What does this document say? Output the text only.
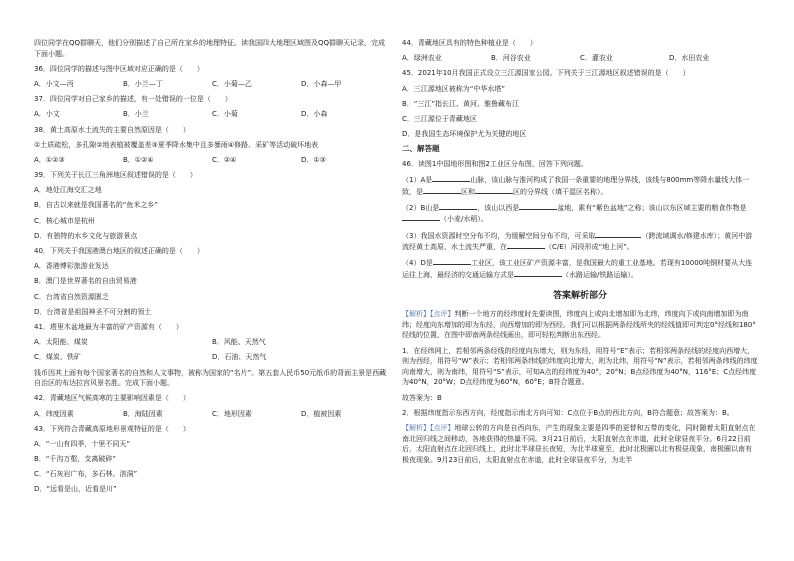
四位同学在QQ群聊天，他们分别描述了自己所在家乡的地理特征。读我国四大地理区域图及QQ群聊天记录，完成下面小题。

36．四位同学的描述与图中区域对应正确的是（　　）

A．小文—丙	B．小兰—丁	C．小菊—乙	D．小森—甲

37．四位同学对自己家乡的描述，有一处错误的一位是（　　）

A．小文	B．小兰	C．小菊	D．小森

38．黄土高原水土流失的主要自然原因是（　　）

①土质疏松，多孔隙②地表植被覆盖差③夏季降水集中且多暴雨④修路、采矿等活动破坏地表

A．①②③	B．①②④	C．②④	D．①③

39．下列关于长江三角洲地区叙述错误的是（　　）

A．地处江海交汇之地

B．自古以来就是我国著名的“鱼米之乡”

C．核心城市是杭州

D．有独特的水乡文化与旅游景点

40．下列关于我国港澳台地区的叙述正确的是（　　）

A．香港博彩旅游业发达

B．澳门是世界著名的自由贸易港

C．台湾省自然资源匮乏

D．台湾省是祖国神圣不可分割的领土

41．塔里木盆地最为丰富的矿产资源有（　　）

A．太阳能、煤炭	B．风能、天然气
C．煤炭、铁矿	D．石油、天然气

钱币因其上面有每个国家著名的自然和人文事物，被称为国家的“名片”。第五套人民币50元纸币的背面主景是西藏自治区的布达拉宫风景名胜。完成下面小题。

42．青藏地区气候高寒的主要影响因素是（　　）

A．纬度因素	B．海陆因素	C．地形因素	D．植被因素

43．下列符合青藏高原地形景观特征的是（　　）

A．“一山有四季，十里不同天”

B．“千沟万壑，支离破碎”

C．“石灰岩广布，多石林、溶洞”

D．“远看是山，近看是川”

44．青藏地区具有的特色种植业是（　　）

A．绿洲农业	B．河谷农业	C．灌农业	D．水田农业

45．2021年10月我国正式设立三江源国家公园。下列关于三江源地区叙述错误的是（　　）

A．三江源地区被称为“中华水塔”

B．“三江”指长江、黄河、雅鲁藏布江

C．三江源位于青藏地区

D．是我国生态环境保护尤为关键的地区

二、解答题

46．读图1中国地形图和图2工业区分布图，回答下列问题。

（1）A是	山脉，该山脉与淮河构成了我国一条重要的地理分界线，该线与800mm等降水量线大体一致，是	区和	区的分界线（填干湿区名称）。

（2）B山是	，该山以西是	盆地，素有“紫色盆地”之称；该山以东区域主要的粮食作物是（小麦/水稻）。

（3）我国水资源时空分布不均，为缓解空间分布不均，可采取	（跨流域调水/修建水库）；黄河中游流经黄土高原，水土流失严重，在	（C/E）河段形成“地上河”。

（4）D是	工业区，该工业区矿产资源丰富，是我国最大的重工业基地。若现有10000吨钢材要从大连运往上海，最经济的交通运输方式是	（水路运输/铁路运输）。

答案解析部分

【解析】【点评】判断一个地方的经纬度时先要读图，纬度向上或向北增加即为北纬，纬度向下或向南增加即为南纬；经度向东增加的即为东经，向西增加的即为西经。我们可以根据两条经线所夹的经线值即可判定0°经线和180°经线的位置，在图中即南两条经线画出，即可轻松判断出东西经。

1．在经纬网上，若相邻两条经线的经度向东增大，则为东经，用符号“E”表示；若相邻两条经线的经度向西增大，则为西经，用符号“W”表示；若相邻两条纬线的纬度向北增大，则为北纬，用符号“N”表示，若相邻两条纬线的纬度向南增大，则为南纬，用符号“S”表示，可知A点的经纬度为40°，20°N；B点经纬度为40°N，116°E；C点经纬度为40°N，20°W；D点经纬度为60°N，60°E；B符合题意。

故答案为：B

2．根据纬度指示东西方向，经度指示南北方向可知：C点位于B点的西北方向，B符合题意；故答案为：B。

【解析】【点评】地球公转的方向是自西向东，产生的现象主要是四季的更替和五带的变化，同时随着太阳直射点在南北回归线之间移动，各地获得的热量不同。3月21日前后，太阳直射点在赤道，此时全球昼夜平分。6月22日前后，太阳直射点在北回归线上，此时北半球昼长夜短，为北半球夏至，此时北极圈以北有极昼现象，南极圈以南有极夜现象。9月23日前后，太阳直射点在赤道，此时全球昼夜平分，为北半
